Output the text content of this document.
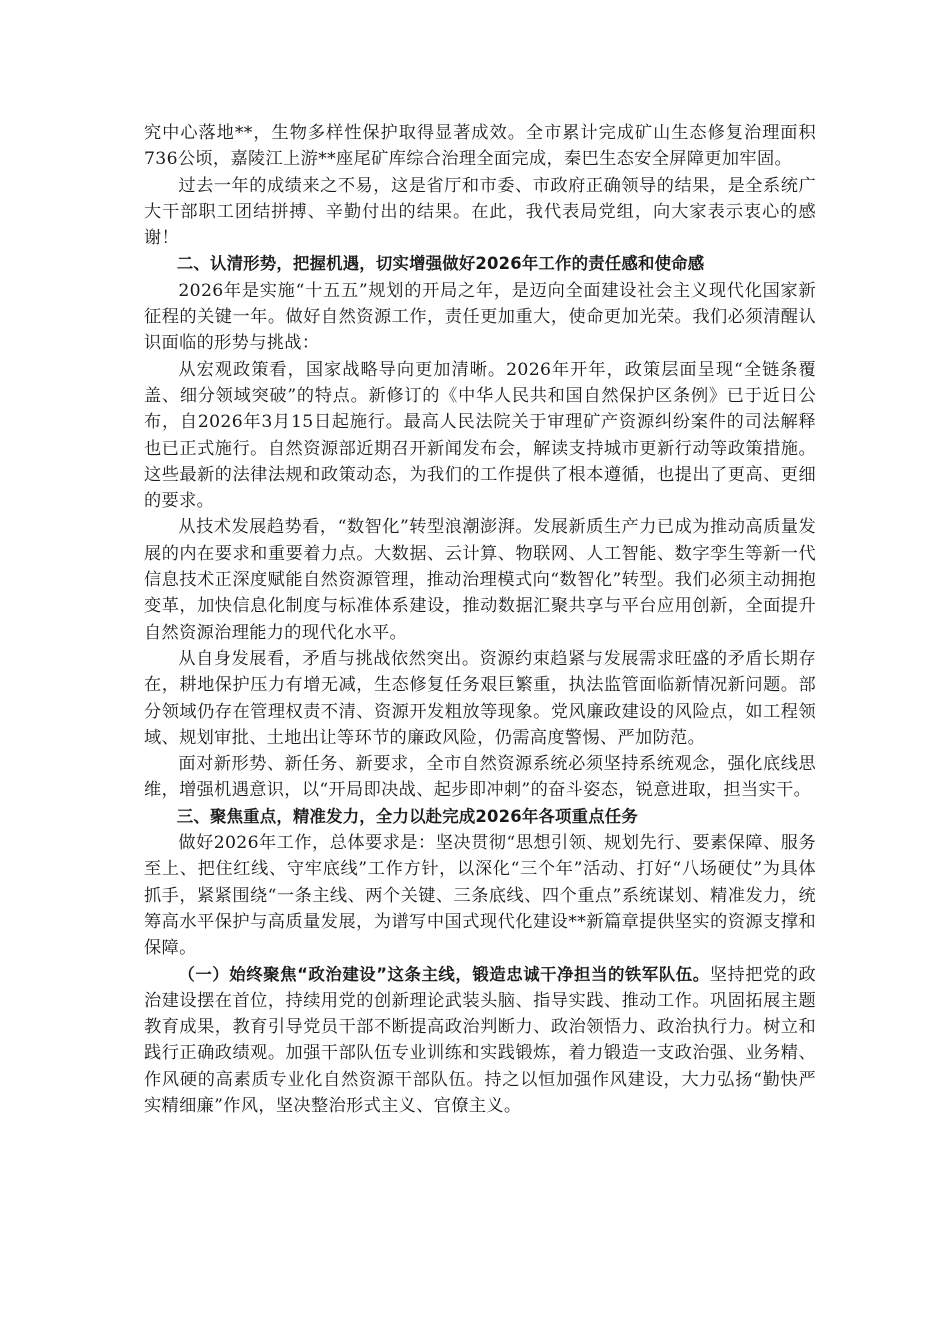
究中心落地**，生物多样性保护取得显著成效。全市累计完成矿山生态修复治理面积736公顷，嘉陵江上游**座尾矿库综合治理全面完成，秦巴生态安全屏障更加牢固。

过去一年的成绩来之不易，这是省厅和市委、市政府正确领导的结果，是全系统广大干部职工团结拼搏、辛勤付出的结果。在此，我代表局党组，向大家表示衷心的感谢！

二、认清形势，把握机遇，切实增强做好2026年工作的责任感和使命感

2026年是实施“十五五”规划的开局之年，是迈向全面建设社会主义现代化国家新征程的关键一年。做好自然资源工作，责任更加重大，使命更加光荣。我们必须清醒认识面临的形势与挑战：

从宏观政策看，国家战略导向更加清晰。2026年开年，政策层面呈现“全链条覆盖、细分领域突破”的特点。新修订的《中华人民共和国自然保护区条例》已于近日公布，自2026年3月15日起施行。最高人民法院关于审理矿产资源纠纷案件的司法解释也已正式施行。自然资源部近期召开新闻发布会，解读支持城市更新行动等政策措施。这些最新的法律法规和政策动态，为我们的工作提供了根本遵循，也提出了更高、更细的要求。

从技术发展趋势看，“数智化”转型浪潮澎湃。发展新质生产力已成为推动高质量发展的内在要求和重要着力点。大数据、云计算、物联网、人工智能、数字孪生等新一代信息技术正深度赋能自然资源管理，推动治理模式向“数智化”转型。我们必须主动拥抱变革，加快信息化制度与标准体系建设，推动数据汇聚共享与平台应用创新，全面提升自然资源治理能力的现代化水平。

从自身发展看，矛盾与挑战依然突出。资源约束趋紧与发展需求旺盛的矛盾长期存在，耕地保护压力有增无减，生态修复任务艰巨繁重，执法监管面临新情况新问题。部分领域仍存在管理权责不清、资源开发粗放等现象。党风廉政建设的风险点，如工程领域、规划审批、土地出让等环节的廉政风险，仍需高度警惕、严加防范。

面对新形势、新任务、新要求，全市自然资源系统必须坚持系统观念，强化底线思维，增强机遇意识，以“开局即决战、起步即冲刺”的奋斗姿态，锐意进取，担当实干。

三、聚焦重点，精准发力，全力以赴完成2026年各项重点任务

做好2026年工作，总体要求是：坚决贯彻“思想引领、规划先行、要素保障、服务至上、把住红线、守牢底线”工作方针，以深化“三个年”活动、打好“八场硬仗”为具体抓手，紧紧围绕“一条主线、两个关键、三条底线、四个重点”系统谋划、精准发力，统筹高水平保护与高质量发展，为谱写中国式现代化建设**新篇章提供坚实的资源支撑和保障。

（一）始终聚焦“政治建设”这条主线，锻造忠诚干净担当的铁军队伍。坚持把党的政治建设摆在首位，持续用党的创新理论武装头脑、指导实践、推动工作。巩固拓展主题教育成果，教育引导党员干部不断提高政治判断力、政治领悟力、政治执行力。树立和践行正确政绩观。加强干部队伍专业训练和实践锻炼，着力锻造一支政治强、业务精、作风硬的高素质专业化自然资源干部队伍。持之以恒加强作风建设，大力弘扬“勤快严实精细廉”作风，坚决整治形式主义、官僚主义。
